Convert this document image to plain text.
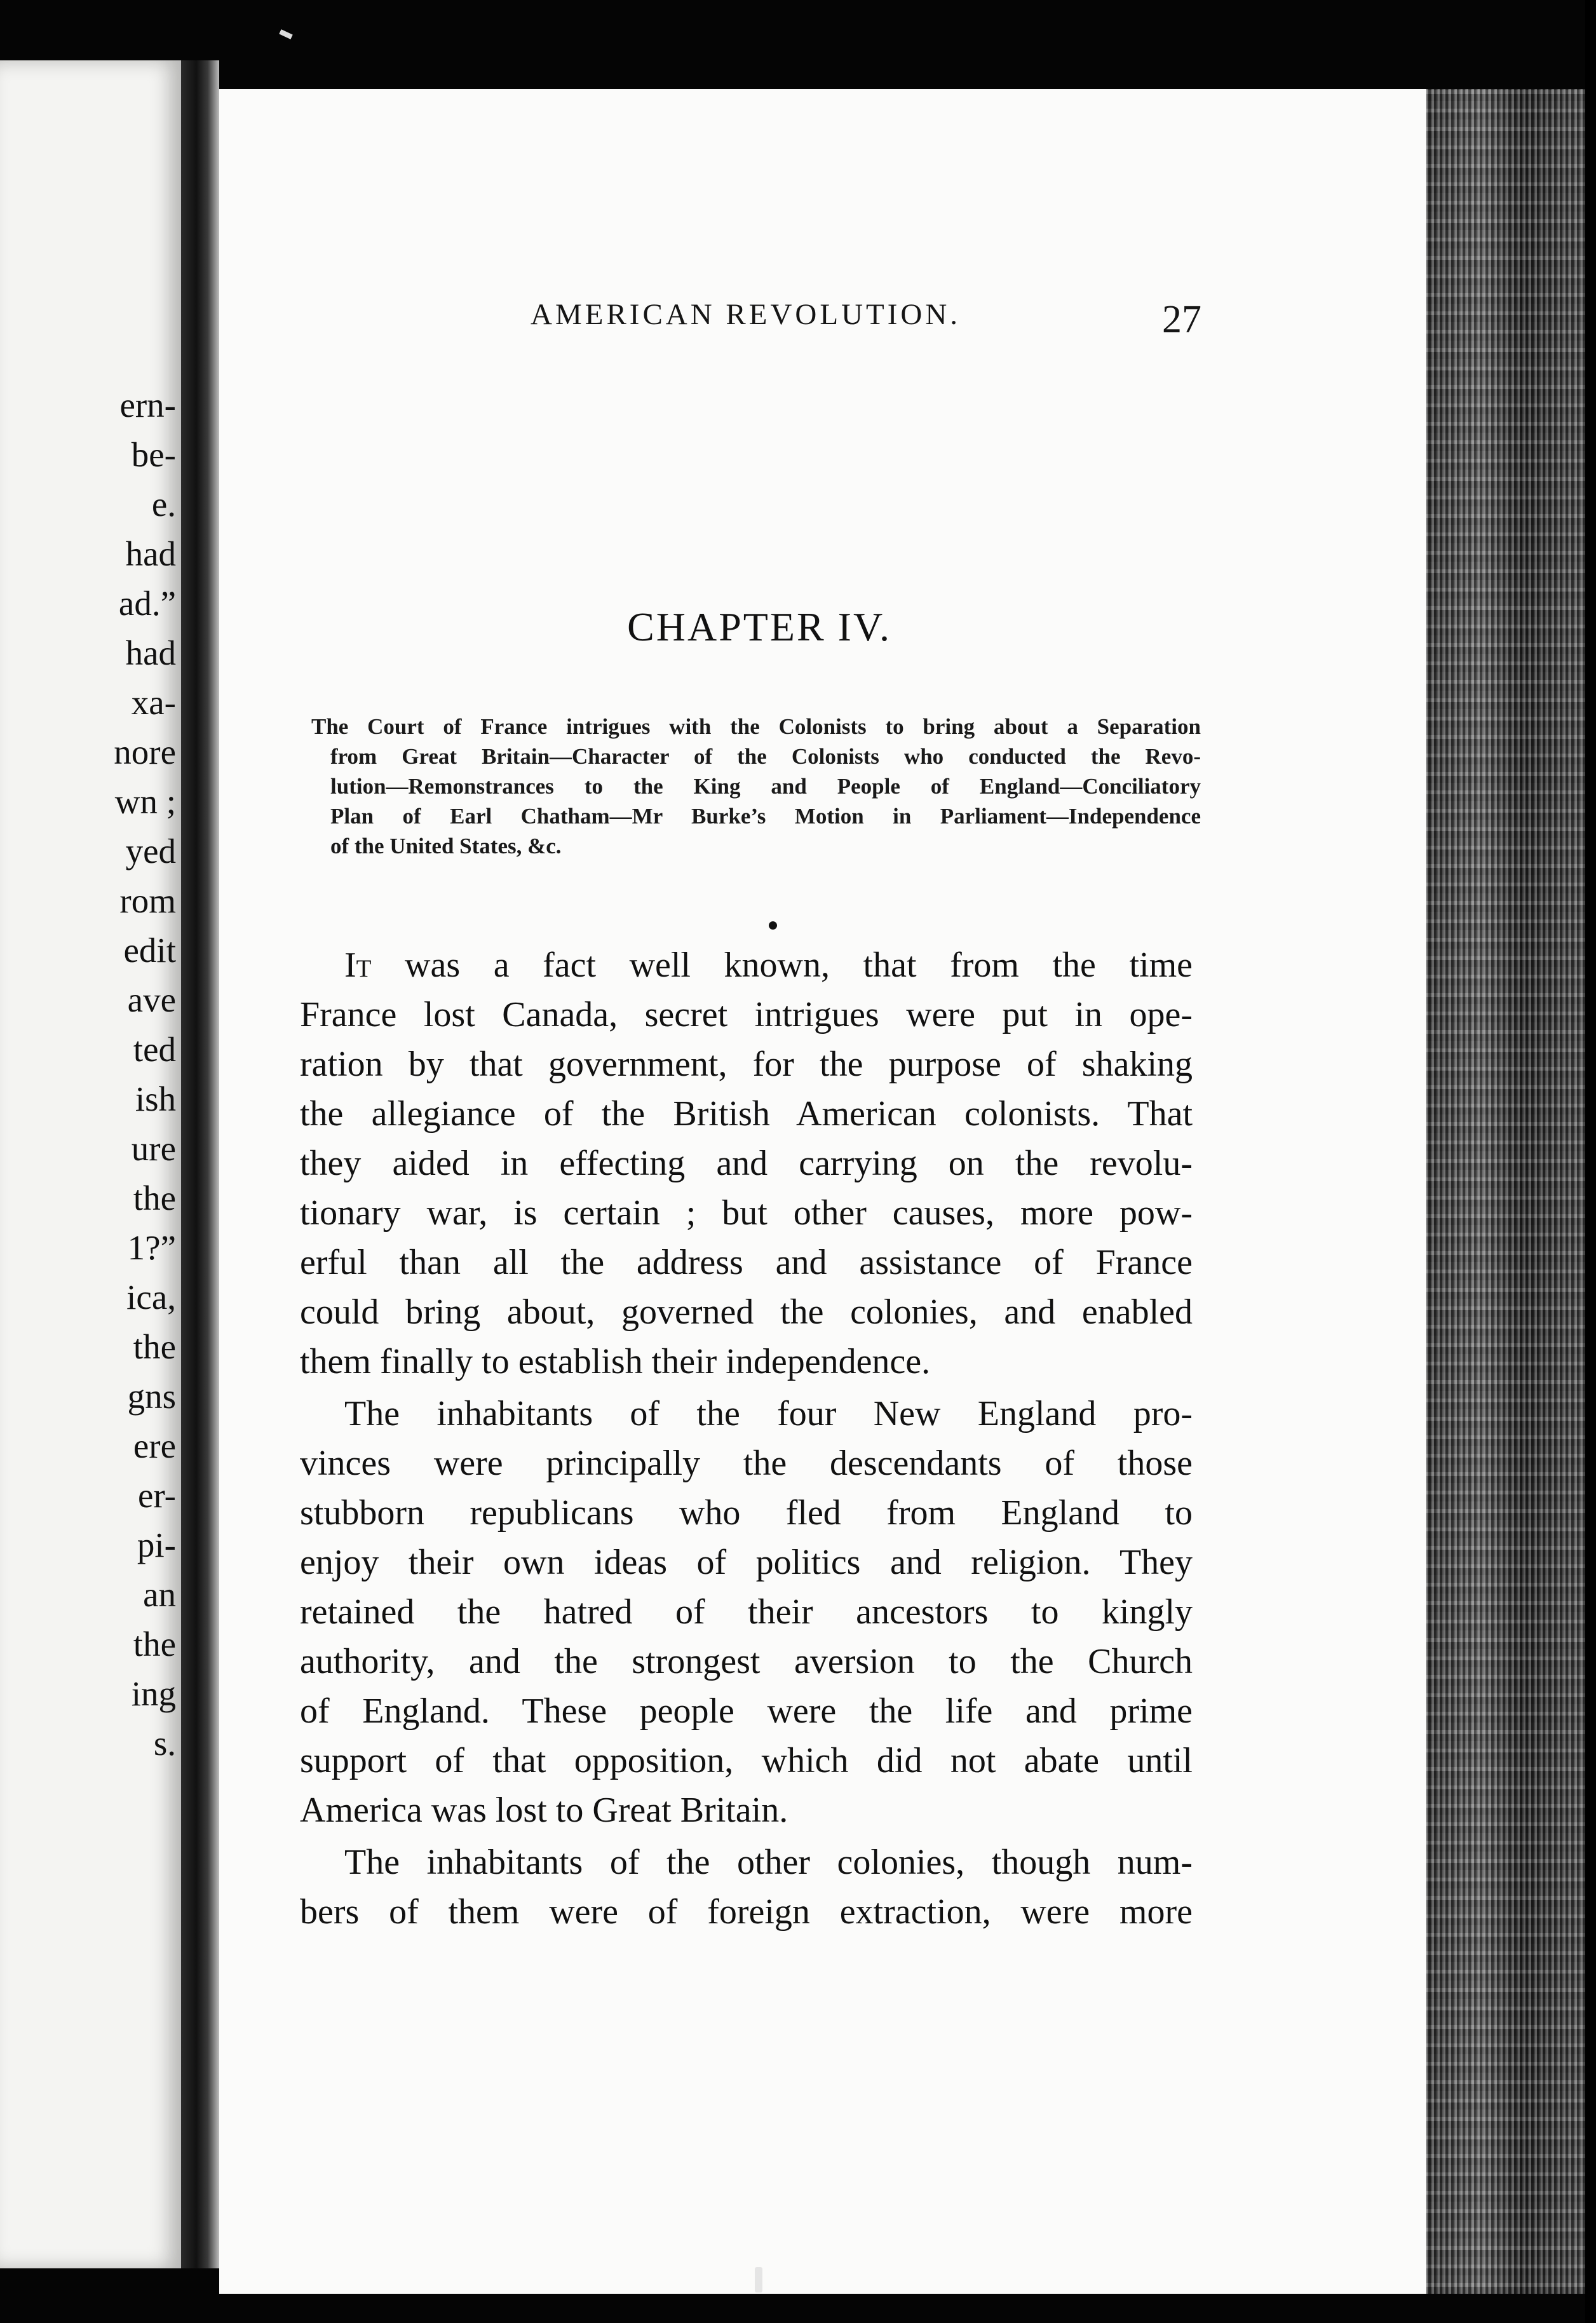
ern-

be-

e.

had

ad.”

had

xa-

nore

wn ;

yed

rom

edit

ave

ted

ish

ure

the

1?”

ica,

the

gns

ere

er-

pi-

an

the

ing

s.

AMERICAN REVOLUTION.	27
CHAPTER IV.
The Court of France intrigues with the Colonists to bring about a Separation
from Great Britain—Character of the Colonists who conducted the Revo-
lution—Remonstrances to the King and People of England—Conciliatory
Plan of Earl Chatham—Mr Burke’s Motion in Parliament—Independence
of the United States, &c.
It was a fact well known, that from the time
France lost Canada, secret intrigues were put in ope-
ration by that government, for the purpose of shaking
the allegiance of the British American colonists. That
they aided in effecting and carrying on the revolu-
tionary war, is certain ; but other causes, more pow-
erful than all the address and assistance of France
could bring about, governed the colonies, and enabled
them finally to establish their independence.
The inhabitants of the four New England pro-
vinces were principally the descendants of those
stubborn republicans who fled from England to
enjoy their own ideas of politics and religion. They
retained the hatred of their ancestors to kingly
authority, and the strongest aversion to the Church
of England. These people were the life and prime
support of that opposition, which did not abate until
America was lost to Great Britain.
The inhabitants of the other colonies, though num-
bers of them were of foreign extraction, were more
